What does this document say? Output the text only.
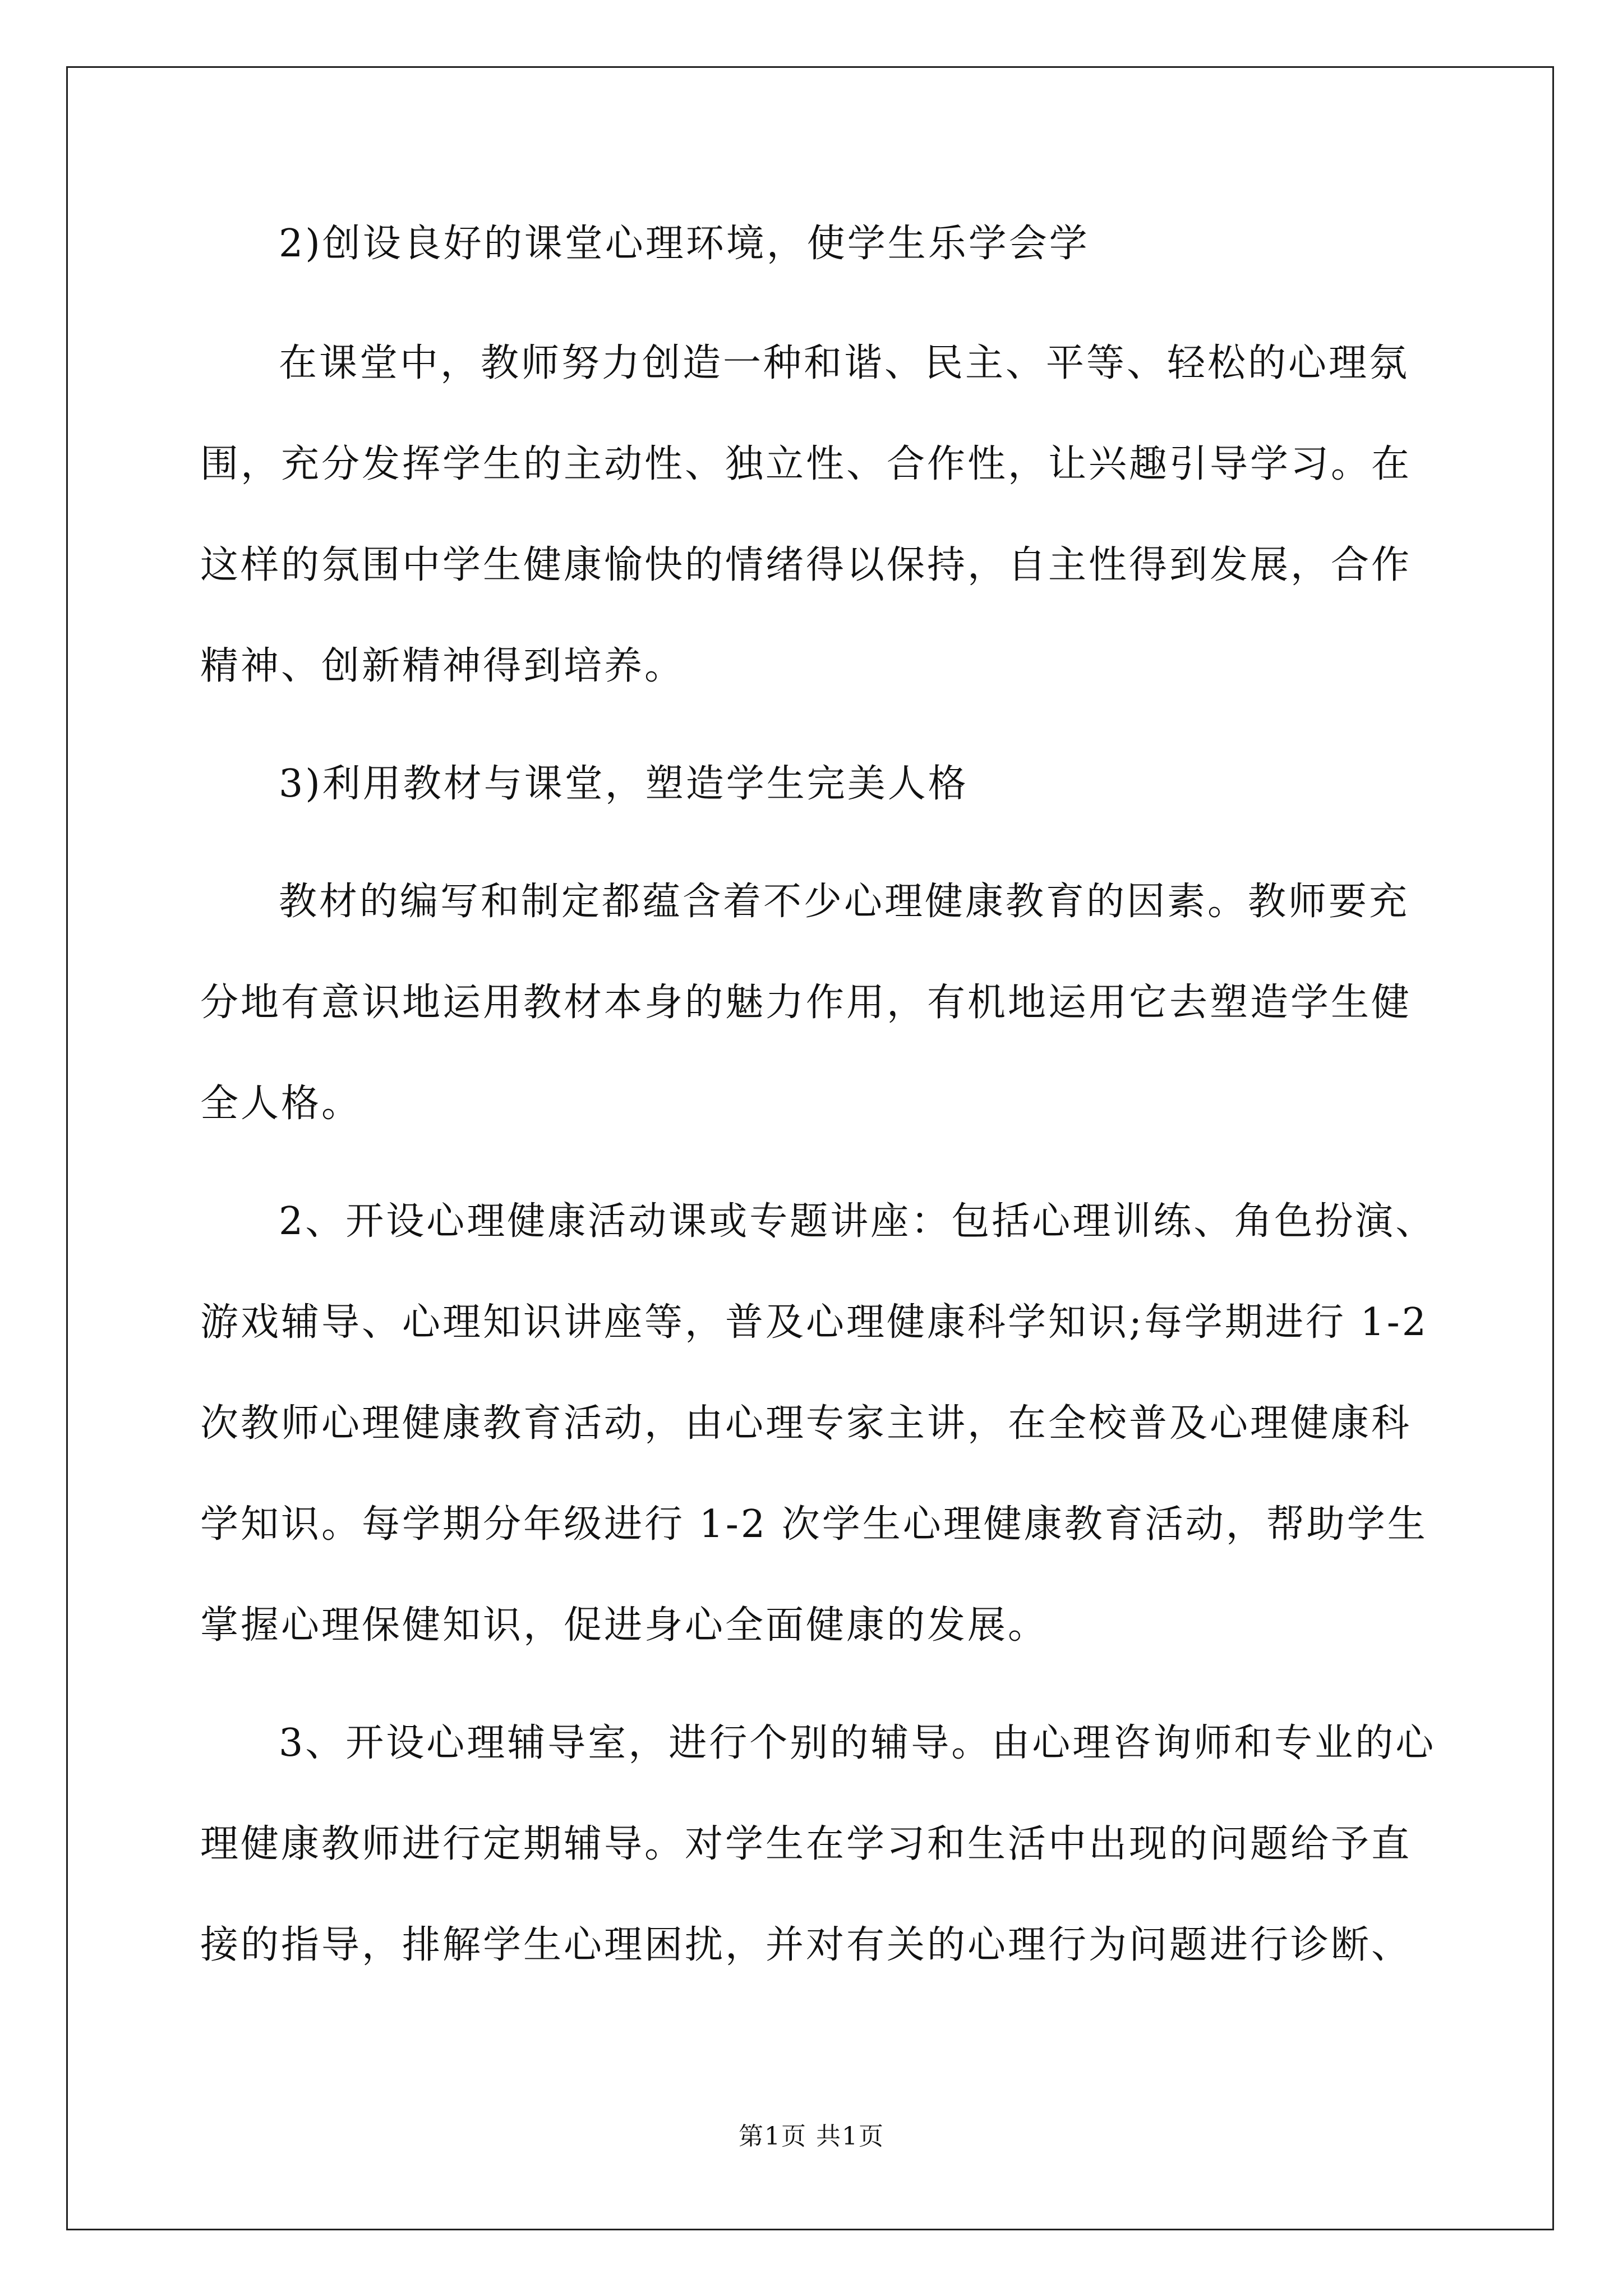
2)创设良好的课堂心理环境，使学生乐学会学
在课堂中，教师努力创造一种和谐、民主、平等、轻松的心理氛
围，充分发挥学生的主动性、独立性、合作性，让兴趣引导学习。在
这样的氛围中学生健康愉快的情绪得以保持，自主性得到发展，合作
精神、创新精神得到培养。
3)利用教材与课堂，塑造学生完美人格
教材的编写和制定都蕴含着不少心理健康教育的因素。教师要充
分地有意识地运用教材本身的魅力作用，有机地运用它去塑造学生健
全人格。
2、开设心理健康活动课或专题讲座：包括心理训练、角色扮演、
游戏辅导、心理知识讲座等，普及心理健康科学知识;每学期进行 1-2
次教师心理健康教育活动，由心理专家主讲，在全校普及心理健康科
学知识。每学期分年级进行 1-2 次学生心理健康教育活动，帮助学生
掌握心理保健知识，促进身心全面健康的发展。
3、开设心理辅导室，进行个别的辅导。由心理咨询师和专业的心
理健康教师进行定期辅导。对学生在学习和生活中出现的问题给予直
接的指导，排解学生心理困扰，并对有关的心理行为问题进行诊断、
第1页 共1页
